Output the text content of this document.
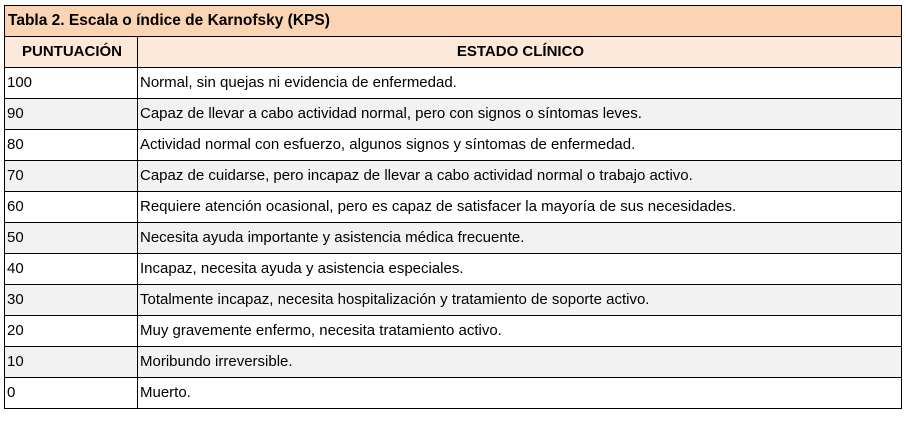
Tabla 2. Escala o índice de Karnofsky (KPS)	
PUNTUACIÓN	ESTADO CLÍNICO
100	Normal, sin quejas ni evidencia de enfermedad.
90	Capaz de llevar a cabo actividad normal, pero con signos o síntomas leves.
80	Actividad normal con esfuerzo, algunos signos y síntomas de enfermedad.
70	Capaz de cuidarse, pero incapaz de llevar a cabo actividad normal o trabajo activo.
60	Requiere atención ocasional, pero es capaz de satisfacer la mayoría de sus necesidades.
50	Necesita ayuda importante y asistencia médica frecuente.
40	Incapaz, necesita ayuda y asistencia especiales.
30	Totalmente incapaz, necesita hospitalización y tratamiento de soporte activo.
20	Muy gravemente enfermo, necesita tratamiento activo.
10	Moribundo irreversible.
0	Muerto.
